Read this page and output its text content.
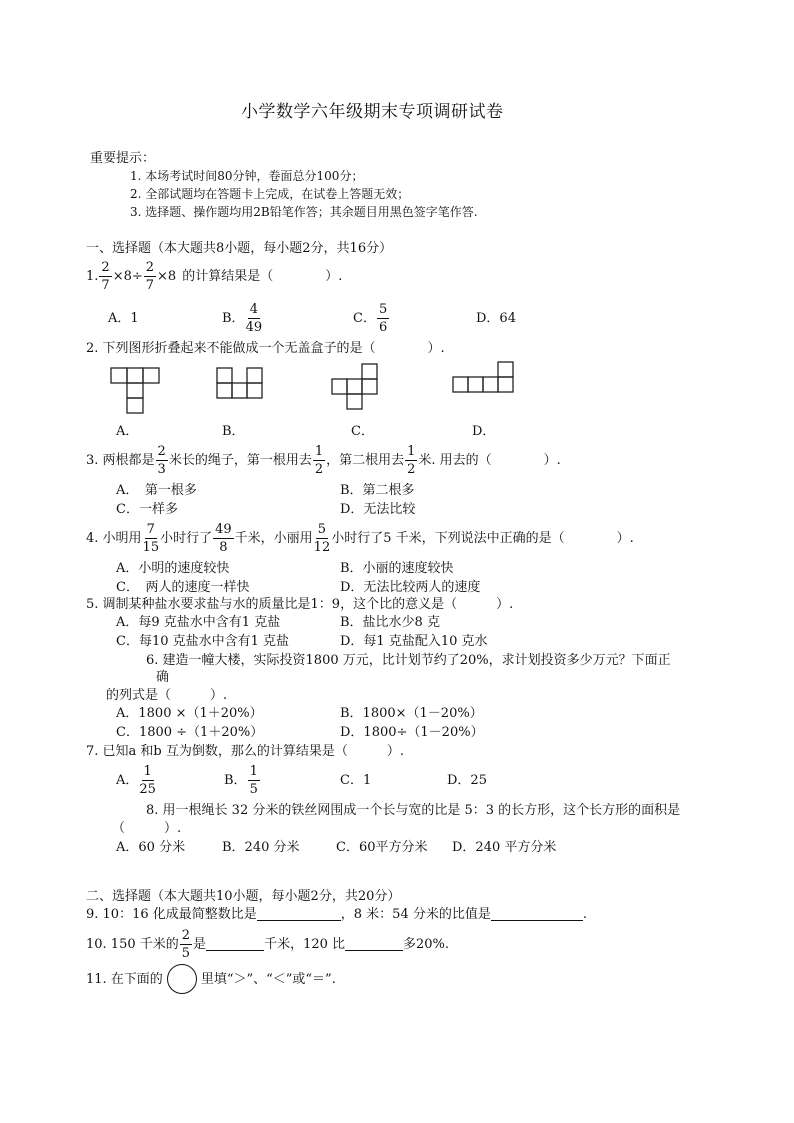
小学数学六年级期末专项调研试卷
重要提示：
1. 本场考试时间80分钟，卷面总分100分；
2. 全部试题均在答题卡上完成，在试卷上答题无效；
3. 选择题、操作题均用2B铅笔作答；其余题目用黑色签字笔作答.
一、选择题（本大题共8小题，每小题2分，共16分）
1. $\frac{2}{7} \times 8\div \frac{2}{7} \times 8$ 的计算结果是（　　　　）.
A．1	B． $\frac{4}{49}$	C． $\frac{5}{6}$	D．64
2. 下列图形折叠起来不能做成一个无盖盒子的是（　　　　）.
A．	B．	C．	D．
3. 两根都是 $\frac{2}{3}$ 米长的绳子，第一根用去 $\frac{1}{2}$ ，第二根用去 $\frac{1}{2}$ 米. 用去的（　　　　）.
A．　第一根多	B．第二根多
C．一样多	D．无法比较
4. 小明用 $\frac{7}{15}$ 小时行了 $\frac{49}{8}$ 千米，小丽用 $\frac{5}{12}$ 小时行了5 千米，下列说法中正确的是（　　　　）.
A．小明的速度较快	B．小丽的速度较快
C．　两人的速度一样快	D．无法比较两人的速度
5. 调制某种盐水要求盐与水的质量比是1：9，这个比的意义是（　　　）.
A．每9 克盐水中含有1 克盐	B．盐比水少8 克
C．每10 克盐水中含有1 克盐	D．每1 克盐配入10 克水
6. 建造一幢大楼，实际投资1800 万元，比计划节约了20%，求计划投资多少万元？下面正
确
的列式是（　　　）.
A．1800 ×（1＋20%）	B．1800×（1－20%）
C．1800 ÷（1＋20%）	D．1800÷（1－20%）
7. 已知a 和b 互为倒数，那么的计算结果是（　　　）.
A． $\frac{1}{25}$	B． $\frac{1}{5}$	C．1	D．25
8. 用一根绳长 32 分米的铁丝网围成一个长与宽的比是 5：3 的长方形，这个长方形的面积是
（　　　）.
A．60 分米	B．240 分米	C．60平方分米 D．240 平方分米
二、选择题（本大题共10小题，每小题2分，共20分）
9. 10：16 化成最简整数比是	，8 米：54 分米的比值是	.
10. 150 千米的 $\frac{2}{5}$ 是	千米，120 比	多20%.
11. 在下面的	里填“＞”、“＜”或“＝”.
